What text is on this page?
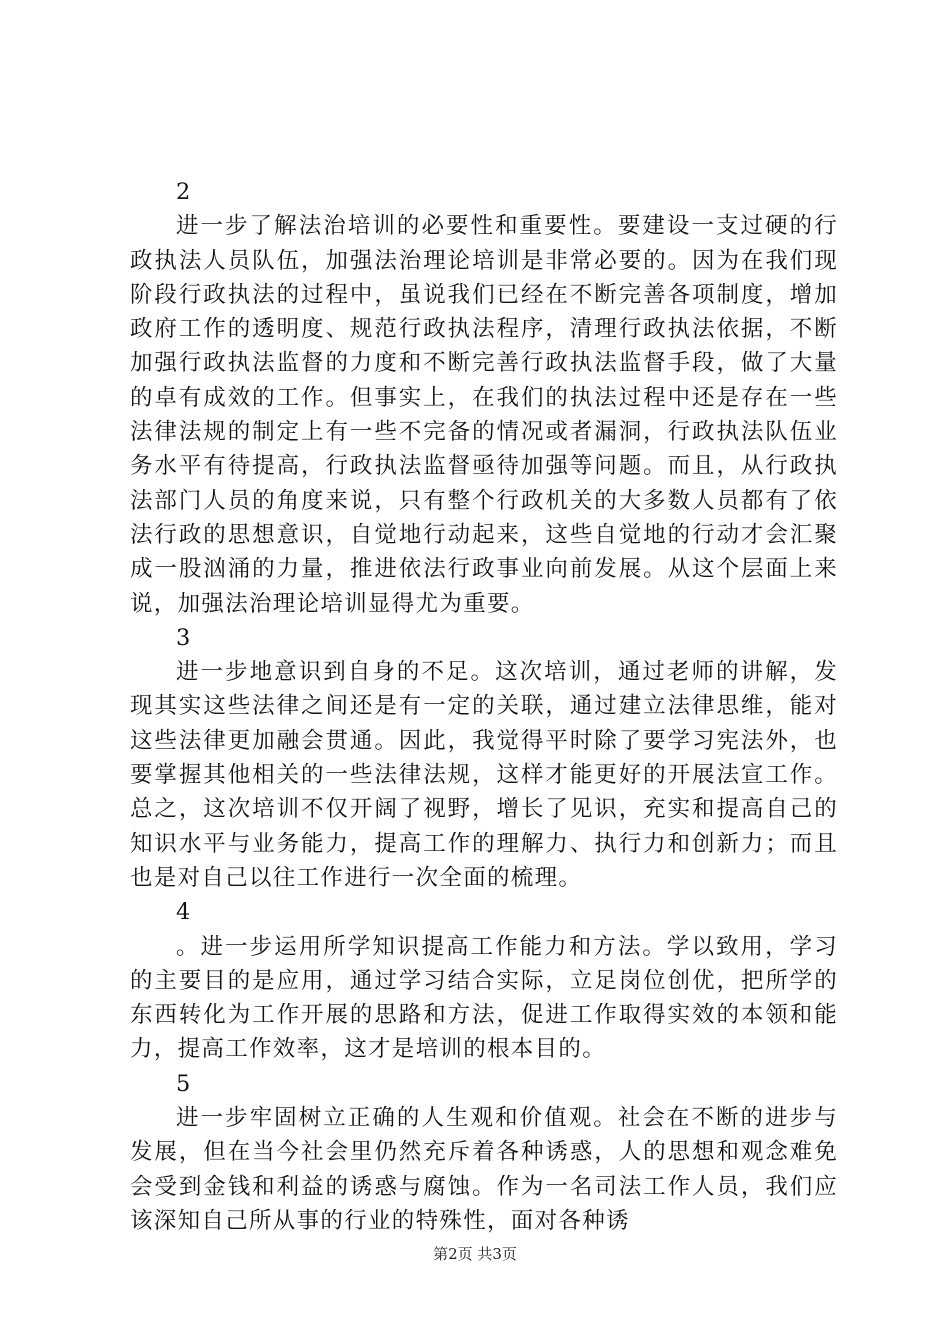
2

进一步了解法治培训的必要性和重要性。要建设一支过硬的行政执法人员队伍，加强法治理论培训是非常必要的。因为在我们现阶段行政执法的过程中，虽说我们已经在不断完善各项制度，增加政府工作的透明度、规范行政执法程序，清理行政执法依据，不断加强行政执法监督的力度和不断完善行政执法监督手段，做了大量的卓有成效的工作。但事实上，在我们的执法过程中还是存在一些法律法规的制定上有一些不完备的情况或者漏洞，行政执法队伍业务水平有待提高，行政执法监督亟待加强等问题。而且，从行政执法部门人员的角度来说，只有整个行政机关的大多数人员都有了依法行政的思想意识，自觉地行动起来，这些自觉地的行动才会汇聚成一股汹涌的力量，推进依法行政事业向前发展。从这个层面上来说，加强法治理论培训显得尤为重要。

3

进一步地意识到自身的不足。这次培训，通过老师的讲解，发现其实这些法律之间还是有一定的关联，通过建立法律思维，能对这些法律更加融会贯通。因此，我觉得平时除了要学习宪法外，也要掌握其他相关的一些法律法规，这样才能更好的开展法宣工作。总之，这次培训不仅开阔了视野，增长了见识，充实和提高自己的知识水平与业务能力，提高工作的理解力、执行力和创新力；而且也是对自己以往工作进行一次全面的梳理。

4

。进一步运用所学知识提高工作能力和方法。学以致用，学习的主要目的是应用，通过学习结合实际，立足岗位创优，把所学的东西转化为工作开展的思路和方法，促进工作取得实效的本领和能力，提高工作效率，这才是培训的根本目的。

5

进一步牢固树立正确的人生观和价值观。社会在不断的进步与发展，但在当今社会里仍然充斥着各种诱惑，人的思想和观念难免会受到金钱和利益的诱惑与腐蚀。作为一名司法工作人员，我们应该深知自己所从事的行业的特殊性，面对各种诱

第2页 共3页
